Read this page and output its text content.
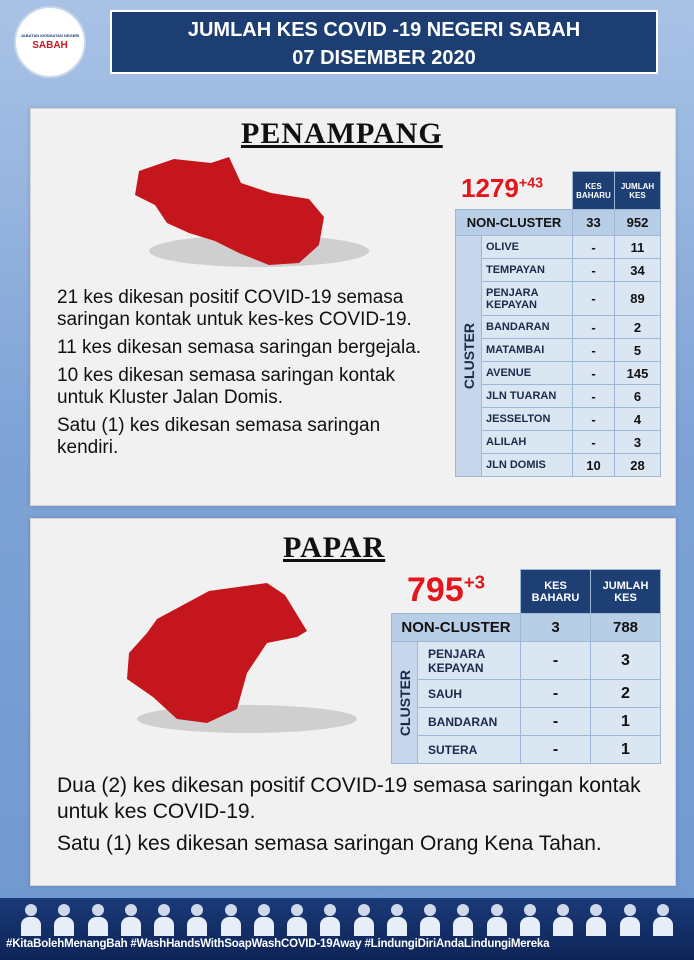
JABATAN KESIHATAN NEGERI
SABAH
JUMLAH KES COVID -19 NEGERI SABAH
07 DISEMBER 2020
PENAMPANG
$1279^{+43}$
		KES BAHARU	JUMLAH KES
NON-CLUSTER		33	952

CLUSTER	OLIVE	-	11
	TEMPAYAN	-	34
	PENJARA KEPAYAN	-	89
	BANDARAN	-	2
	MATAMBAI	-	5
	AVENUE	-	145
	JLN TUARAN	-	6
	JESSELTON	-	4
	ALILAH	-	3
	JLN DOMIS	10	28

21 kes dikesan positif COVID-19 semasa saringan kontak untuk kes-kes COVID-19.

11 kes dikesan semasa saringan bergejala.

10 kes dikesan semasa saringan kontak untuk Kluster Jalan Domis.

Satu (1) kes dikesan semasa saringan kendiri.

PAPAR
$795^{+3}$
		KES BAHARU	JUMLAH KES
NON-CLUSTER		3	788

CLUSTER	PENJARA KEPAYAN	-	3
	SAUH	-	2
	BANDARAN	-	1
	SUTERA	-	1

Dua (2) kes dikesan positif COVID-19 semasa saringan kontak untuk kes COVID-19.

Satu (1) kes dikesan semasa saringan Orang Kena Tahan.

#KitaBolehMenangBah #WashHandsWithSoapWashCOVID-19Away #LindungiDiriAndaLindungiMereka
